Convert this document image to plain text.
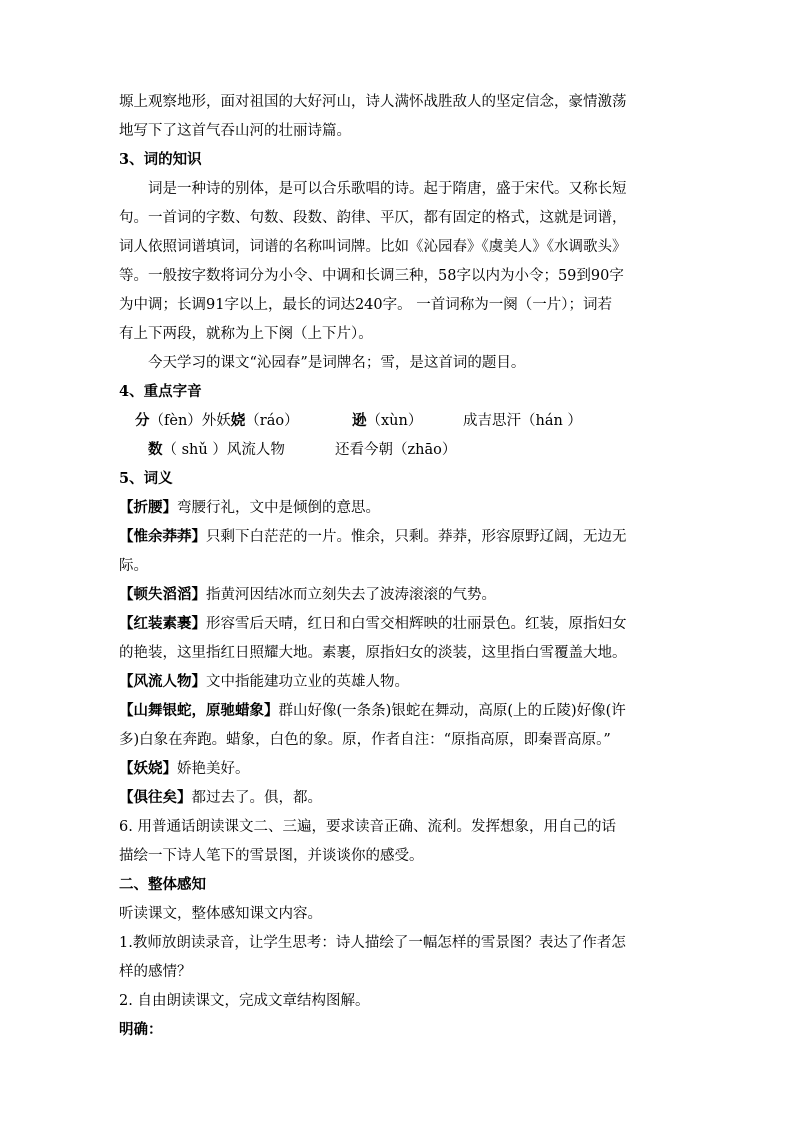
塬上观察地形，面对祖国的大好河山，诗人满怀战胜敌人的坚定信念，豪情激荡
地写下了这首气吞山河的壮丽诗篇。
3、词的知识
词是一种诗的别体，是可以合乐歌唱的诗。起于隋唐，盛于宋代。又称长短
句。一首词的字数、句数、段数、韵律、平仄，都有固定的格式，这就是词谱，
词人依照词谱填词，词谱的名称叫词牌。比如《沁园春》《虞美人》《水调歌头》
等。一般按字数将词分为小令、中调和长调三种，58字以内为小令；59到90字
为中调；长调91字以上，最长的词达240字。 一首词称为一阕（一片）；词若
有上下两段，就称为上下阕（上下片）。
今天学习的课文“沁园春”是词牌名；雪，是这首词的题目。
4、重点字音
分（fèn）外妖娆（ráo）	逊（xùn）	成吉思汗（hán ）
数（ shǔ ）风流人物	还看今朝（zhāo）
5、词义
【折腰】弯腰行礼，文中是倾倒的意思。
【惟余莽莽】只剩下白茫茫的一片。惟余，只剩。莽莽，形容原野辽阔，无边无
际。
【顿失滔滔】指黄河因结冰而立刻失去了波涛滚滚的气势。
【红装素裹】形容雪后天晴，红日和白雪交相辉映的壮丽景色。红装，原指妇女
的艳装，这里指红日照耀大地。素裹，原指妇女的淡装，这里指白雪覆盖大地。
【风流人物】文中指能建功立业的英雄人物。
【山舞银蛇，原驰蜡象】群山好像(一条条)银蛇在舞动，高原(上的丘陵)好像(许
多)白象在奔跑。蜡象，白色的象。原，作者自注：“原指高原，即秦晋高原。”
【妖娆】娇艳美好。
【俱往矣】都过去了。俱，都。
6. 用普通话朗读课文二、三遍，要求读音正确、流利。发挥想象，用自己的话
描绘一下诗人笔下的雪景图，并谈谈你的感受。
二、整体感知
听读课文，整体感知课文内容。
1.教师放朗读录音，让学生思考：诗人描绘了一幅怎样的雪景图？表达了作者怎
样的感情？
2. 自由朗读课文，完成文章结构图解。
明确：
